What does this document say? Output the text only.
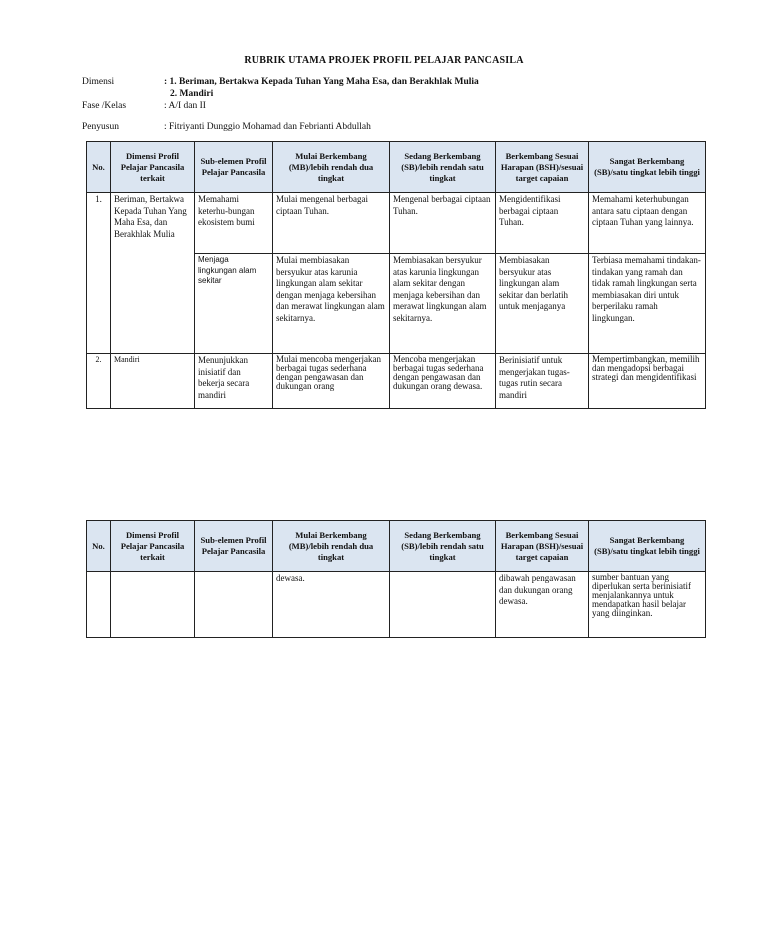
RUBRIK UTAMA PROJEK PROFIL PELAJAR PANCASILA
Dimensi	: 1. Beriman, Bertakwa Kepada Tuhan Yang Maha Esa, dan Berakhlak Mulia
2. Mandiri
Fase /Kelas	: A/I dan II
Penyusun	: Fitriyanti Dunggio Mohamad dan Febrianti Abdullah
No.	Dimensi Profil Pelajar Pancasila terkait	Sub-elemen Profil Pelajar Pancasila	Mulai Berkembang (MB)/lebih rendah dua tingkat	Sedang Berkembang (SB)/lebih rendah satu tingkat	Berkembang Sesuai Harapan (BSH)/sesuai target capaian	Sangat Berkembang (SB)/satu tingkat lebih tinggi
1.	Beriman, Bertakwa Kepada Tuhan Yang Maha Esa, dan Berakhlak Mulia	Memahami keterhu-bungan ekosistem bumi	Mulai mengenal berbagai ciptaan Tuhan.	Mengenal berbagai ciptaan Tuhan.	Mengidentifikasi berbagai ciptaan Tuhan.	Memahami keterhubungan antara satu ciptaan dengan ciptaan Tuhan yang lainnya.
		Menjaga lingkungan alam sekitar	Mulai membiasakan bersyukur atas karunia lingkungan alam sekitar dengan menjaga kebersihan dan merawat lingkungan alam sekitarnya.	Membiasakan bersyukur atas karunia lingkungan alam sekitar dengan menjaga kebersihan dan merawat lingkungan alam sekitarnya.	Membiasakan bersyukur atas lingkungan alam sekitar dan berlatih untuk menjaganya	Terbiasa memahami tindakan-tindakan yang ramah dan tidak ramah lingkungan serta membiasakan diri untuk berperilaku ramah lingkungan.
2.	Mandiri	Menunjukkan inisiatif dan bekerja secara mandiri	Mulai mencoba mengerjakan berbagai tugas sederhana dengan pengawasan dan dukungan orang	Mencoba mengerjakan berbagai tugas sederhana dengan pengawasan dan dukungan orang dewasa.	Berinisiatif untuk mengerjakan tugas-tugas rutin secara mandiri	Mempertimbangkan, memilih dan mengadopsi berbagai strategi dan mengidentifikasi
No.	Dimensi Profil Pelajar Pancasila terkait	Sub-elemen Profil Pelajar Pancasila	Mulai Berkembang (MB)/lebih rendah dua tingkat	Sedang Berkembang (SB)/lebih rendah satu tingkat	Berkembang Sesuai Harapan (BSH)/sesuai target capaian	Sangat Berkembang (SB)/satu tingkat lebih tinggi
			dewasa.		dibawah pengawasan dan dukungan orang dewasa.	sumber bantuan yang diperlukan serta berinisiatif menjalankannya untuk mendapatkan hasil belajar yang diinginkan.
